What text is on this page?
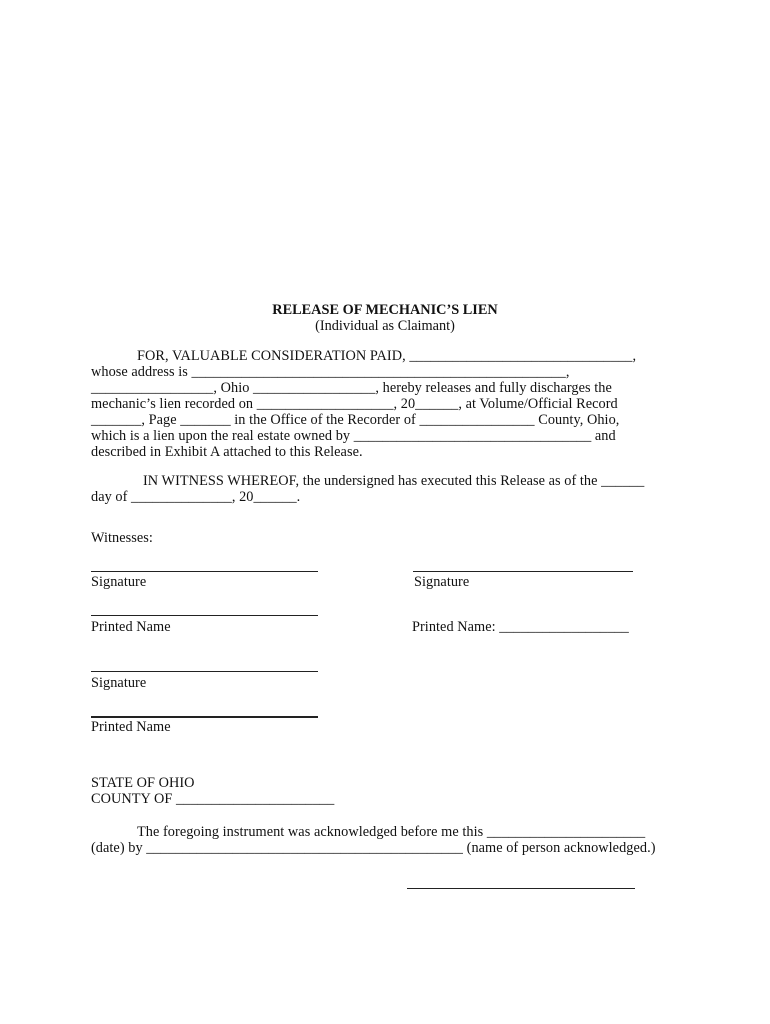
RELEASE OF MECHANIC’S LIEN
(Individual as Claimant)
FOR, VALUABLE CONSIDERATION PAID, _______________________________,
whose address is ____________________________________________________,
_________________, Ohio _________________, hereby releases and fully discharges the
mechanic’s lien recorded on ___________________, 20______, at Volume/Official Record
_______, Page _______ in the Office of the Recorder of ________________ County, Ohio,
which is a lien upon the real estate owned by _________________________________ and
described in Exhibit A attached to this Release.
IN WITNESS WHEREOF, the undersigned has executed this Release as of the ______
day of ______________, 20______.
Witnesses:
Signature	Signature
Printed Name	Printed Name: __________________
Signature
Printed Name
STATE OF OHIO
COUNTY OF ______________________
The foregoing instrument was acknowledged before me this ______________________
(date) by ____________________________________________ (name of person acknowledged.)
